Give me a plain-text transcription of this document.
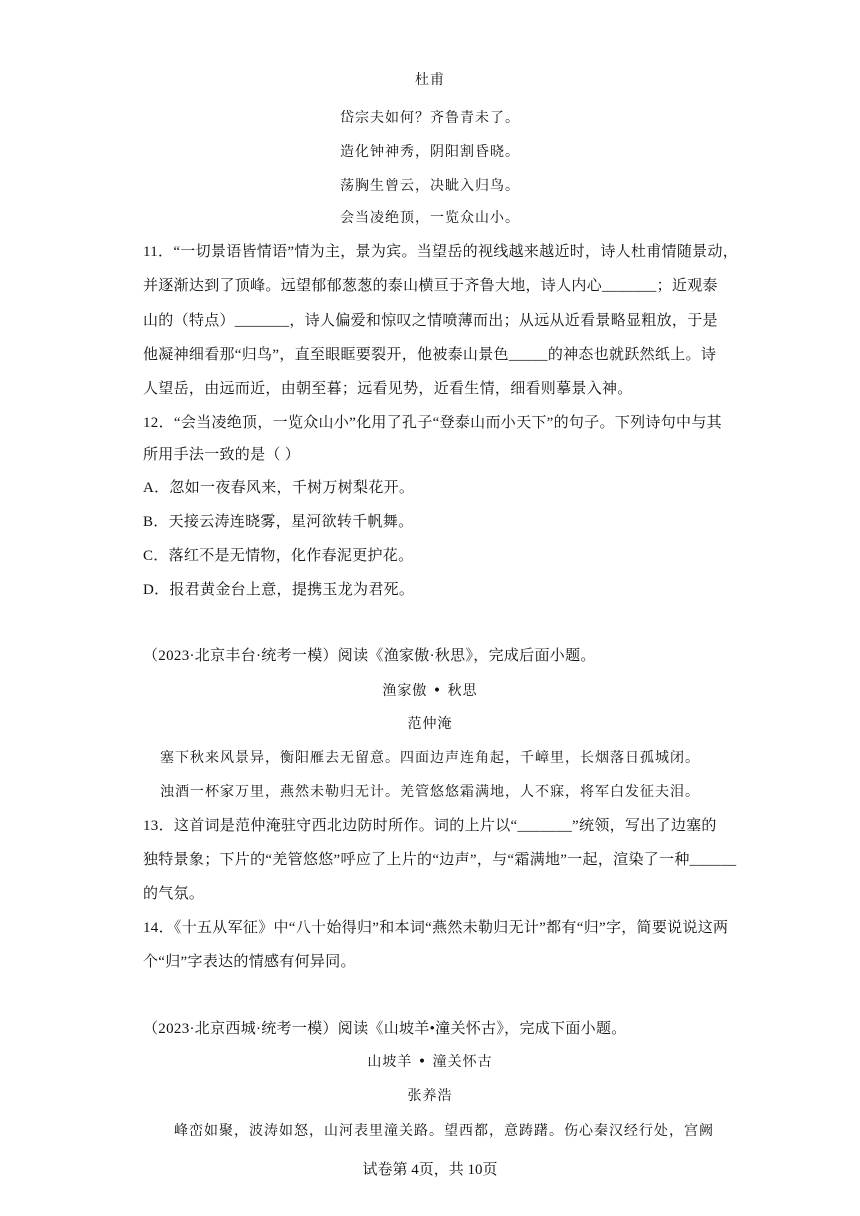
杜甫
岱宗夫如何？齐鲁青未了。
造化钟神秀，阴阳割昏晓。
荡胸生曾云，决眦入归鸟。
会当凌绝顶，一览众山小。
11．“一切景语皆情语”情为主，景为宾。当望岳的视线越来越近时，诗人杜甫情随景动，
并逐渐达到了顶峰。远望郁郁葱葱的泰山横亘于齐鲁大地，诗人内心_______；近观泰
山的（特点）_______，诗人偏爱和惊叹之情喷薄而出；从远从近看景略显粗放，于是
他凝神细看那“归鸟”，直至眼眶要裂开，他被泰山景色_____的神态也就跃然纸上。诗
人望岳，由远而近，由朝至暮；远看见势，近看生情，细看则摹景入神。
12．“会当凌绝顶，一览众山小”化用了孔子“登泰山而小天下”的句子。下列诗句中与其
所用手法一致的是（ ）
A．忽如一夜春风来，千树万树梨花开。
B．天接云涛连晓雾，星河欲转千帆舞。
C．落红不是无情物，化作春泥更护花。
D．报君黄金台上意，提携玉龙为君死。
（2023·北京丰台·统考一模）阅读《渔家傲·秋思》，完成后面小题。
渔家傲 • 秋思
范仲淹
塞下秋来风景异，衡阳雁去无留意。四面边声连角起，千嶂里，长烟落日孤城闭。
浊酒一杯家万里，燕然未勒归无计。羌管悠悠霜满地，人不寐，将军白发征夫泪。
13．这首词是范仲淹驻守西北边防时所作。词的上片以“_______”统领，写出了边塞的
独特景象；下片的“羌管悠悠”呼应了上片的“边声”，与“霜满地”一起，渲染了一种______
的气氛。
14．《十五从军征》中“八十始得归”和本词“燕然未勒归无计”都有“归”字，简要说说这两
个“归”字表达的情感有何异同。
（2023·北京西城·统考一模）阅读《山坡羊•潼关怀古》，完成下面小题。
山坡羊 • 潼关怀古
张养浩
峰峦如聚，波涛如怒，山河表里潼关路。望西都，意踌躇。伤心秦汉经行处，宫阙
试卷第 4页，共 10页
